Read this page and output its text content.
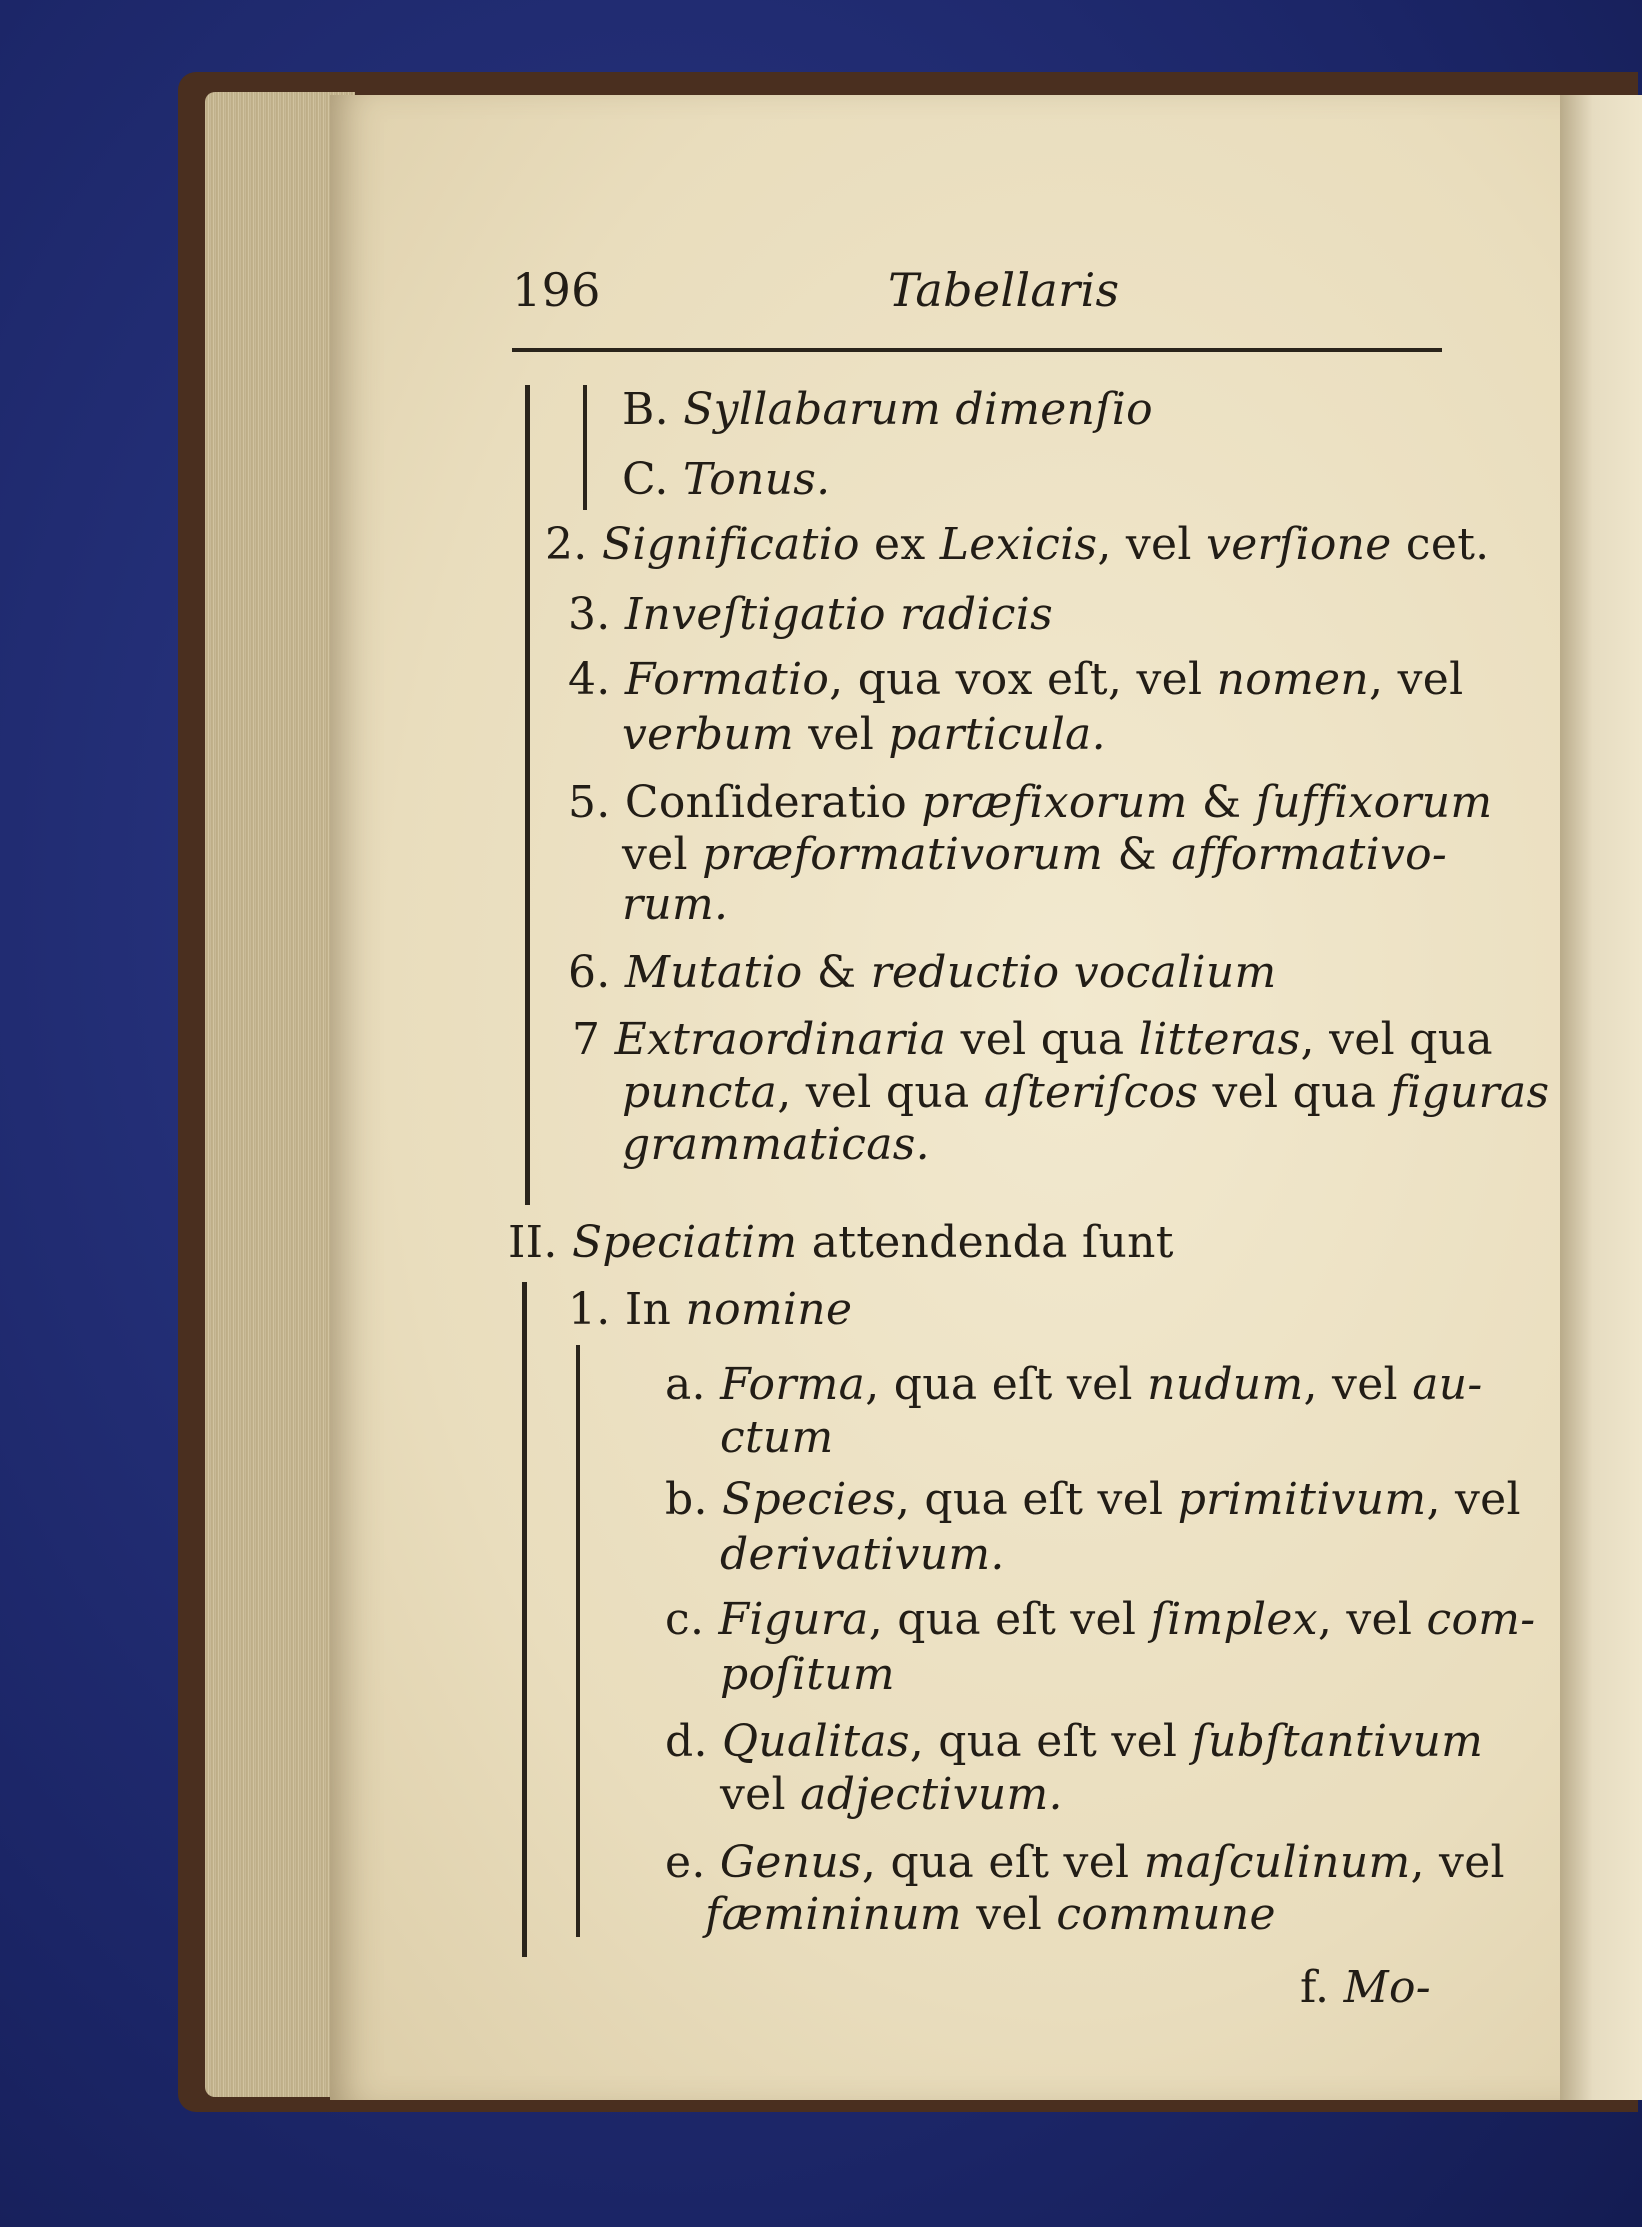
196	Tabellaris
B. Syllabarum dimenſio
C. Tonus.
2. Significatio ex Lexicis, vel verſione cet.
3. Inveſtigatio radicis
4. Formatio, qua vox eſt, vel nomen, vel
verbum vel particula.
5. Conſideratio præfixorum & ſuffixorum
vel præformativorum & afformativo-
rum.
6. Mutatio & reductio vocalium
7 Extraordinaria vel qua litteras, vel qua
puncta, vel qua aſteriſcos vel qua figuras
grammaticas.
II. Speciatim attendenda ſunt
1. In nomine
a. Forma, qua eſt vel nudum, vel au-
ctum
b. Species, qua eſt vel primitivum, vel
derivativum.
c. Figura, qua eſt vel ſimplex, vel com-
poſitum
d. Qualitas, qua eſt vel ſubſtantivum
vel adjectivum.
e. Genus, qua eſt vel maſculinum, vel
fæmininum vel commune
f. Mo-
